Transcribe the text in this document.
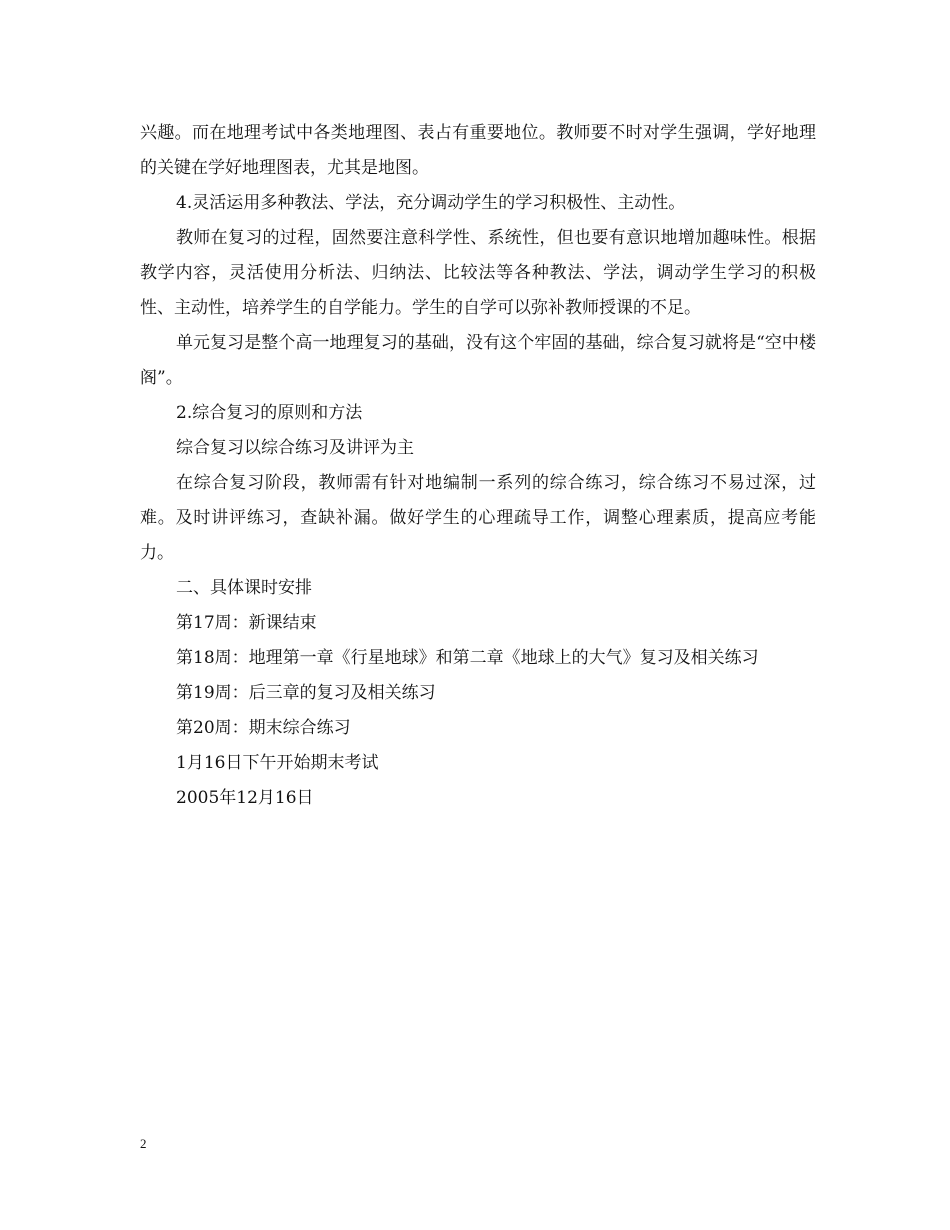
兴趣。而在地理考试中各类地理图、表占有重要地位。教师要不时对学生强调，学好地理的关键在学好地理图表，尤其是地图。

4.灵活运用多种教法、学法，充分调动学生的学习积极性、主动性。

教师在复习的过程，固然要注意科学性、系统性，但也要有意识地增加趣味性。根据教学内容，灵活使用分析法、归纳法、比较法等各种教法、学法，调动学生学习的积极性、主动性，培养学生的自学能力。学生的自学可以弥补教师授课的不足。

单元复习是整个高一地理复习的基础，没有这个牢固的基础，综合复习就将是“空中楼阁”。

2.综合复习的原则和方法

综合复习以综合练习及讲评为主

在综合复习阶段，教师需有针对地编制一系列的综合练习，综合练习不易过深，过难。及时讲评练习，查缺补漏。做好学生的心理疏导工作，调整心理素质，提高应考能力。

二、具体课时安排

第17周：新课结束

第18周：地理第一章《行星地球》和第二章《地球上的大气》复习及相关练习

第19周：后三章的复习及相关练习

第20周：期末综合练习

1月16日下午开始期末考试

2005年12月16日

2
